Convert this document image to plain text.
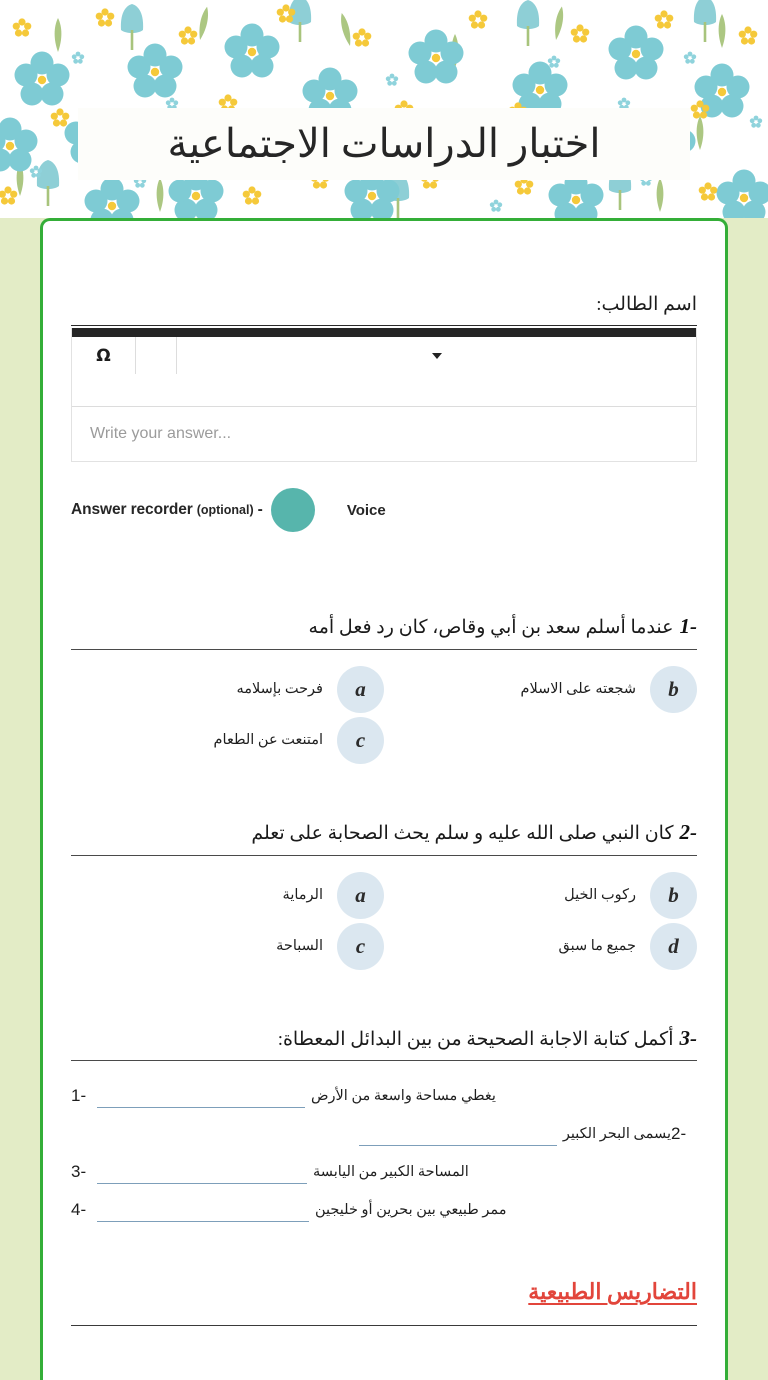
اختبار الدراسات الاجتماعية
اسم الطالب:
Ω
Write your answer...
Answer recorder (optional) -	Voice
1-
عندما أسلم سعد بن أبي وقاص، كان رد فعل أمه
b
شجعته على الاسلام
a
فرحت بإسلامه
c
امتنعت عن الطعام
2-
كان النبي صلى الله عليه و سلم يحث الصحابة على تعلم
b
ركوب الخيل
a
الرماية
d
جميع ما سبق
c
السباحة
3-
أكمل كتابة الاجابة الصحيحة من بين البدائل المعطاة:
1-	يغطي مساحة واسعة من الأرض
2-
يسمى البحر الكبير
3-	المساحة الكبير من اليابسة
4-	ممر طبيعي بين بحرين أو خليجين
التضاريس الطبيعية
